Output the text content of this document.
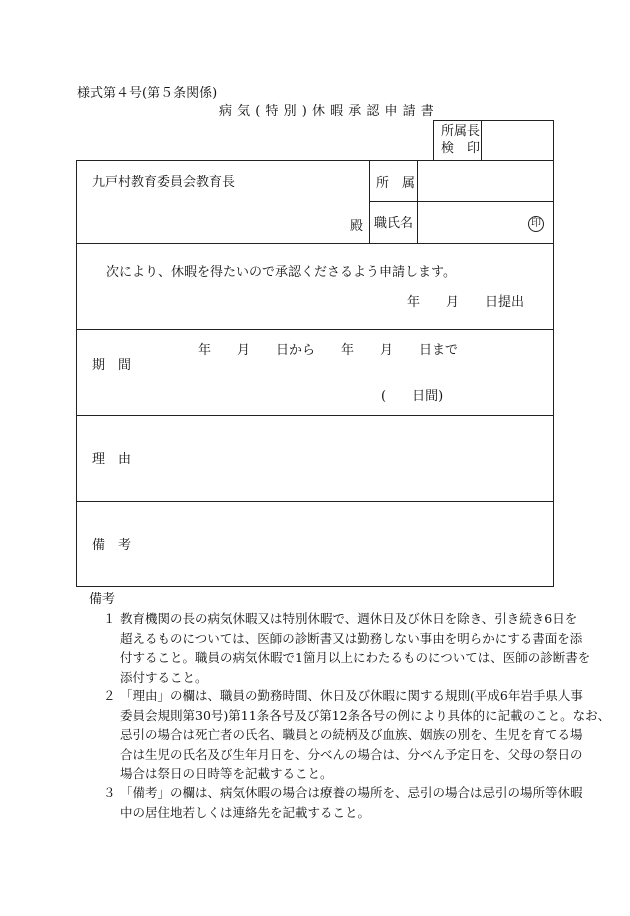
様式第４号(第５条関係)
病 気 ( 特 別 ) 休 暇 承 認 申 請 書
所属長
検　印
九戸村教育委員会教育長
殿
所　属
職氏名	印
次により、休暇を得たいので承認くださるよう申請します。
年　　月　　日提出
期　間
年　　月　　日から　　年　　月　　日まで
(　　日間)
理　由
備　考
備考
１ 教育機関の長の病気休暇又は特別休暇で、週休日及び休日を除き、引き続き6日を
超えるものについては、医師の診断書又は勤務しない事由を明らかにする書面を添
付すること。職員の病気休暇で1箇月以上にわたるものについては、医師の診断書を
添付すること。
２ 「理由」の欄は、職員の勤務時間、休日及び休暇に関する規則(平成6年岩手県人事
委員会規則第30号)第11条各号及び第12条各号の例により具体的に記載のこと。なお、
忌引の場合は死亡者の氏名、職員との続柄及び血族、姻族の別を、生児を育てる場
合は生児の氏名及び生年月日を、分べんの場合は、分べん予定日を、父母の祭日の
場合は祭日の日時等を記載すること。
３ 「備考」の欄は、病気休暇の場合は療養の場所を、忌引の場合は忌引の場所等休暇
中の居住地若しくは連絡先を記載すること。
